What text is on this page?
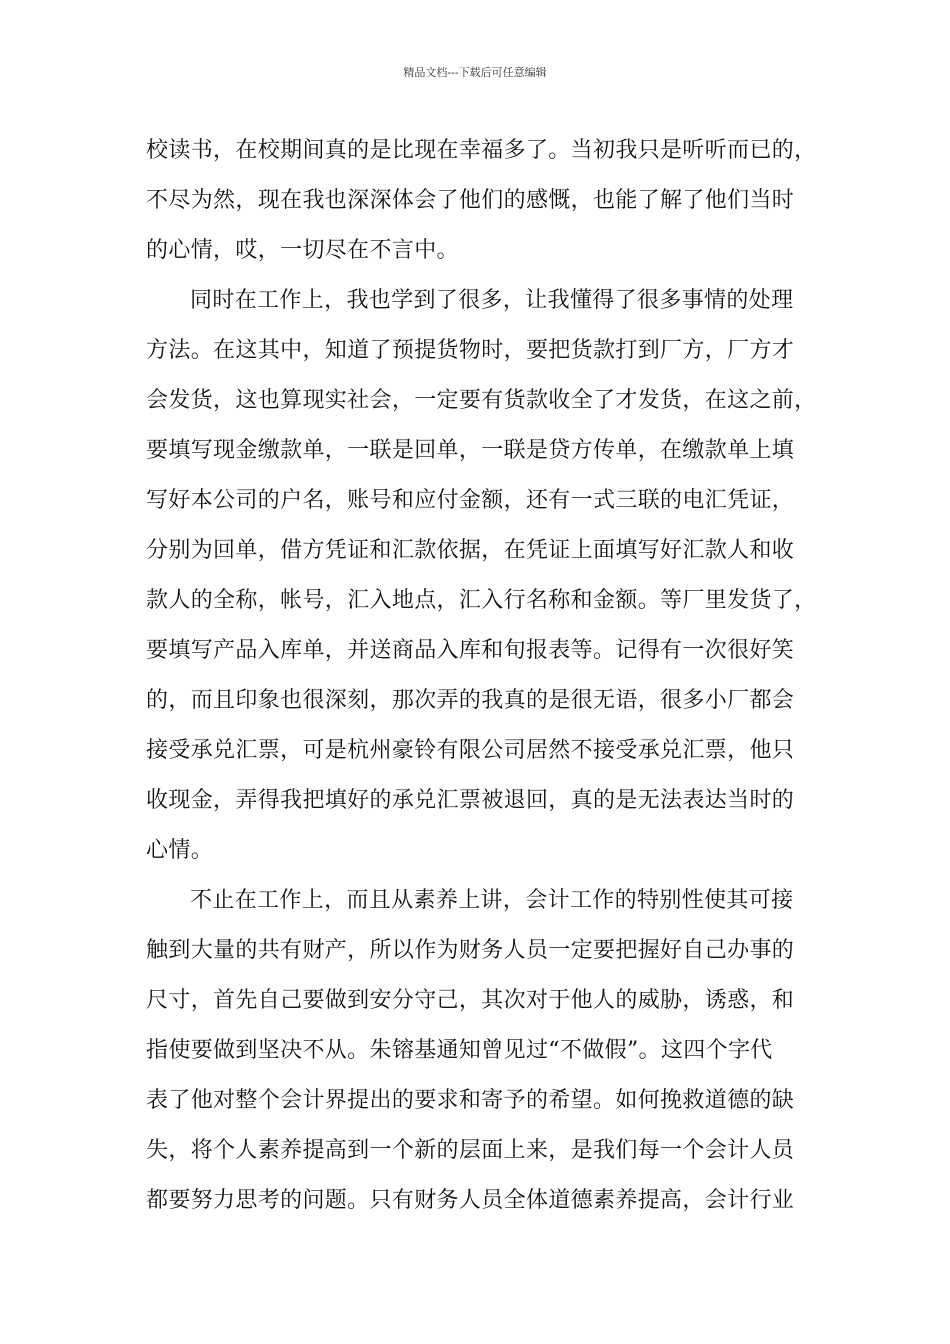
精品文档---下载后可任意编辑
校读书，在校期间真的是比现在幸福多了。当初我只是听听而已的，
不尽为然，现在我也深深体会了他们的感慨，也能了解了他们当时
的心情，哎，一切尽在不言中。
同时在工作上，我也学到了很多，让我懂得了很多事情的处理
方法。在这其中，知道了预提货物时，要把货款打到厂方，厂方才
会发货，这也算现实社会，一定要有货款收全了才发货，在这之前，
要填写现金缴款单，一联是回单，一联是贷方传单，在缴款单上填
写好本公司的户名，账号和应付金额，还有一式三联的电汇凭证，
分别为回单，借方凭证和汇款依据，在凭证上面填写好汇款人和收
款人的全称，帐号，汇入地点，汇入行名称和金额。等厂里发货了，
要填写产品入库单，并送商品入库和旬报表等。记得有一次很好笑
的，而且印象也很深刻，那次弄的我真的是很无语，很多小厂都会
接受承兑汇票，可是杭州豪铃有限公司居然不接受承兑汇票，他只
收现金，弄得我把填好的承兑汇票被退回，真的是无法表达当时的
心情。
不止在工作上，而且从素养上讲，会计工作的特别性使其可接
触到大量的共有财产，所以作为财务人员一定要把握好自己办事的
尺寸，首先自己要做到安分守己，其次对于他人的威胁，诱惑，和
指使要做到坚决不从。朱镕基通知曾见过“不做假”。这四个字代
表了他对整个会计界提出的要求和寄予的希望。如何挽救道德的缺
失，将个人素养提高到一个新的层面上来，是我们每一个会计人员
都要努力思考的问题。只有财务人员全体道德素养提高，会计行业
